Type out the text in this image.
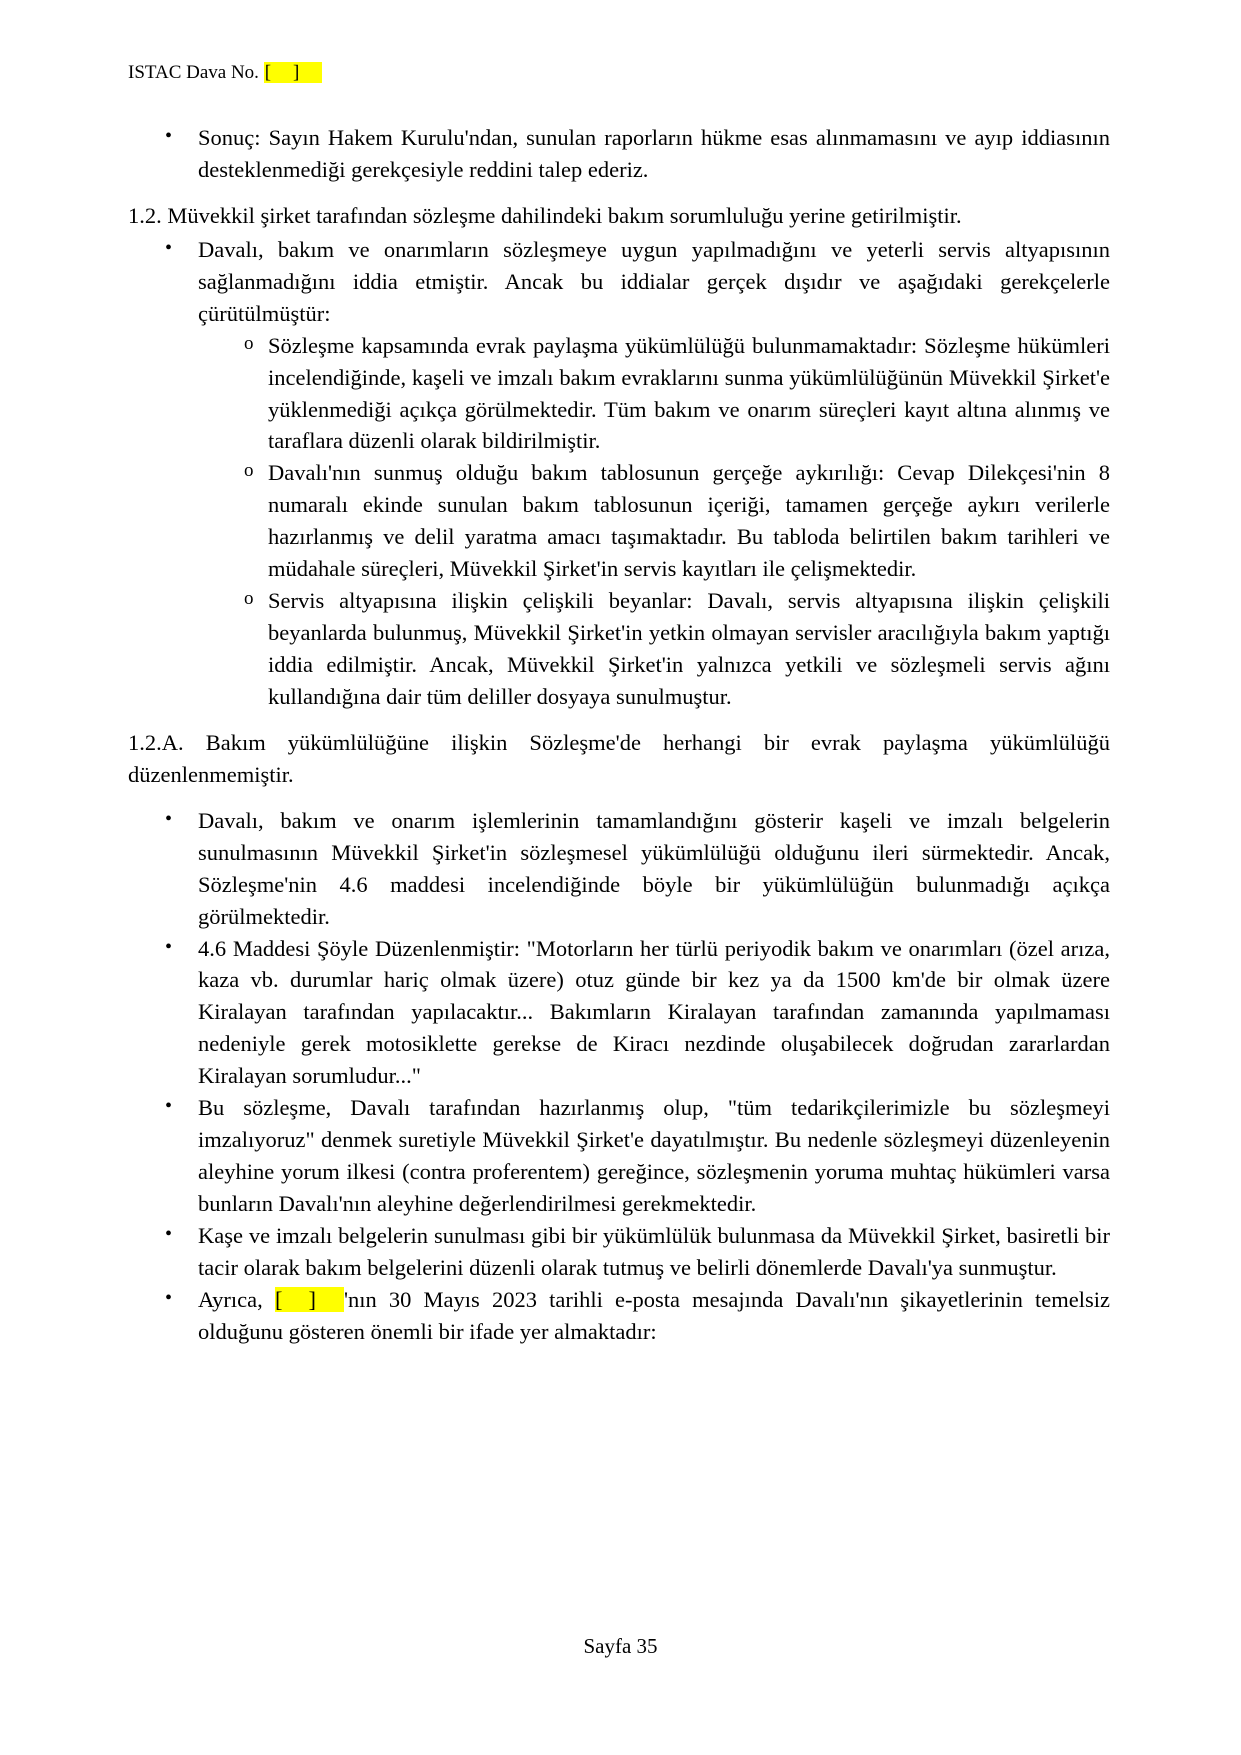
ISTAC Dava No. []
• Sonuç: Sayın Hakem Kurulu'ndan, sunulan raporların hükme esas alınmamasını ve ayıp iddiasının desteklenmediği gerekçesiyle reddini talep ederiz.

1.2. Müvekkil şirket tarafından sözleşme dahilindeki bakım sorumluluğu yerine getirilmiştir.

• Davalı, bakım ve onarımların sözleşmeye uygun yapılmadığını ve yeterli servis altyapısının sağlanmadığını iddia etmiştir. Ancak bu iddialar gerçek dışıdır ve aşağıdaki gerekçelerle çürütülmüştür:
o Sözleşme kapsamında evrak paylaşma yükümlülüğü bulunmamaktadır: Sözleşme hükümleri incelendiğinde, kaşeli ve imzalı bakım evraklarını sunma yükümlülüğünün Müvekkil Şirket'e yüklenmediği açıkça görülmektedir. Tüm bakım ve onarım süreçleri kayıt altına alınmış ve taraflara düzenli olarak bildirilmiştir.
o Davalı'nın sunmuş olduğu bakım tablosunun gerçeğe aykırılığı: Cevap Dilekçesi'nin 8 numaralı ekinde sunulan bakım tablosunun içeriği, tamamen gerçeğe aykırı verilerle hazırlanmış ve delil yaratma amacı taşımaktadır. Bu tabloda belirtilen bakım tarihleri ve müdahale süreçleri, Müvekkil Şirket'in servis kayıtları ile çelişmektedir.
o Servis altyapısına ilişkin çelişkili beyanlar: Davalı, servis altyapısına ilişkin çelişkili beyanlarda bulunmuş, Müvekkil Şirket'in yetkin olmayan servisler aracılığıyla bakım yaptığı iddia edilmiştir. Ancak, Müvekkil Şirket'in yalnızca yetkili ve sözleşmeli servis ağını kullandığına dair tüm deliller dosyaya sunulmuştur.

1.2.A. Bakım yükümlülüğüne ilişkin Sözleşme'de herhangi bir evrak paylaşma yükümlülüğü düzenlenmemiştir.

• Davalı, bakım ve onarım işlemlerinin tamamlandığını gösterir kaşeli ve imzalı belgelerin sunulmasının Müvekkil Şirket'in sözleşmesel yükümlülüğü olduğunu ileri sürmektedir. Ancak, Sözleşme'nin 4.6 maddesi incelendiğinde böyle bir yükümlülüğün bulunmadığı açıkça görülmektedir.
• 4.6 Maddesi Şöyle Düzenlenmiştir: "Motorların her türlü periyodik bakım ve onarımları (özel arıza, kaza vb. durumlar hariç olmak üzere) otuz günde bir kez ya da 1500 km'de bir olmak üzere Kiralayan tarafından yapılacaktır... Bakımların Kiralayan tarafından zamanında yapılmaması nedeniyle gerek motosiklette gerekse de Kiracı nezdinde oluşabilecek doğrudan zararlardan Kiralayan sorumludur..."
• Bu sözleşme, Davalı tarafından hazırlanmış olup, "tüm tedarikçilerimizle bu sözleşmeyi imzalıyoruz" denmek suretiyle Müvekkil Şirket'e dayatılmıştır. Bu nedenle sözleşmeyi düzenleyenin aleyhine yorum ilkesi (contra proferentem) gereğince, sözleşmenin yoruma muhtaç hükümleri varsa bunların Davalı'nın aleyhine değerlendirilmesi gerekmektedir.
• Kaşe ve imzalı belgelerin sunulması gibi bir yükümlülük bulunmasa da Müvekkil Şirket, basiretli bir tacir olarak bakım belgelerini düzenli olarak tutmuş ve belirli dönemlerde Davalı'ya sunmuştur.
• Ayrıca, []'nın 30 Mayıs 2023 tarihli e-posta mesajında Davalı'nın şikayetlerinin temelsiz olduğunu gösteren önemli bir ifade yer almaktadır:
Sayfa 35
